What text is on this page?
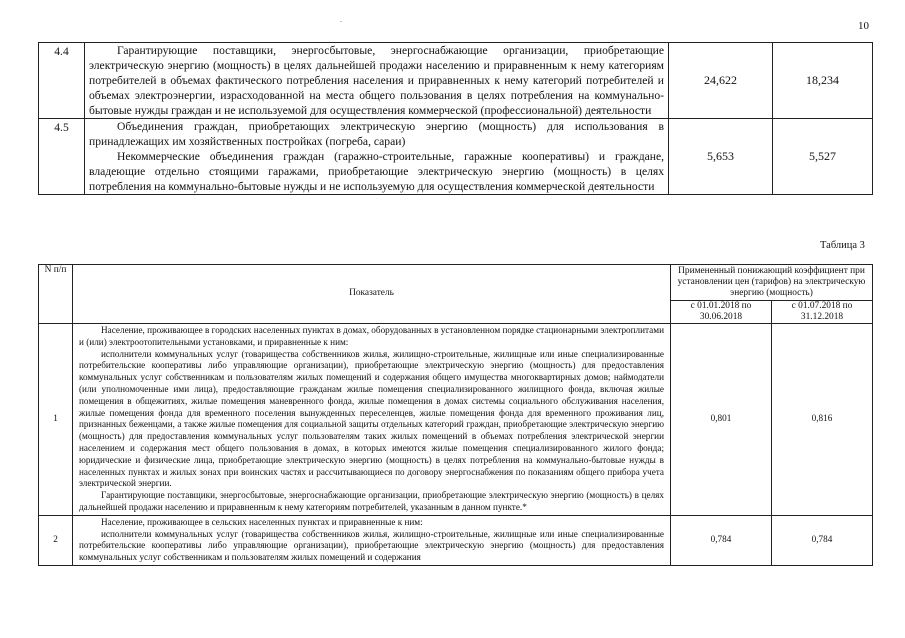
.
10
4.4	Гарантирующие поставщики, энергосбытовые, энергоснабжающие организации, приобретающие электрическую энергию (мощность) в целях дальнейшей продажи населению и приравненным к нему категориям потребителей в объемах фактического потребления населения и приравненных к нему категорий потребителей и объемах электроэнергии, израсходованной на места общего пользования в целях потребления на коммунально-бытовые нужды граждан и не используемой для осуществления коммерческой (профессиональной) деятельности	24,622	18,234
4.5	Объединения граждан, приобретающих электрическую энергию (мощность) для использования в принадлежащих им хозяйственных постройках (погреба, сараи)
Некоммерческие объединения граждан (гаражно-строительные, гаражные кооперативы) и граждане, владеющие отдельно стоящими гаражами, приобретающие электрическую энергию (мощность) в целях потребления на коммунально-бытовые нужды и не используемую для осуществления коммерческой деятельности	5,653	5,527
Таблица 3
N п/п	Показатель	Примененный понижающий коэффициент при установлении цен (тарифов) на электрическую энергию (мощность)	
		с 01.01.2018 по 30.06.2018	с 01.07.2018 по 31.12.2018
1	Население, проживающее в городских населенных пунктах в домах, оборудованных в установленном порядке стационарными электроплитами и (или) электроотопительными установками, и приравненные к ним:

исполнители коммунальных услуг (товарищества собственников жилья, жилищно-строительные, жилищные или иные специализированные потребительские кооперативы либо управляющие организации), приобретающие электрическую энергию (мощность) для предоставления коммунальных услуг собственникам и пользователям жилых помещений и содержания общего имущества многоквартирных домов; наймодатели (или уполномоченные ими лица), предоставляющие гражданам жилые помещения специализированного жилищного фонда, включая жилые помещения в общежитиях, жилые помещения маневренного фонда, жилые помещения в домах системы социального обслуживания населения, жилые помещения фонда для временного поселения вынужденных переселенцев, жилые помещения фонда для временного проживания лиц, признанных беженцами, а также жилые помещения для социальной защиты отдельных категорий граждан, приобретающие электрическую энергию (мощность) для предоставления коммунальных услуг пользователям таких жилых помещений в объемах потребления электрической энергии населением и содержания мест общего пользования в домах, в которых имеются жилые помещения специализированного жилого фонда; юридические и физические лица, приобретающие электрическую энергию (мощность) в целях потребления на коммунально-бытовые нужды в населенных пунктах и жилых зонах при воинских частях и рассчитывающиеся по договору энергоснабжения по показаниям общего прибора учета электрической энергии.

Гарантирующие поставщики, энергосбытовые, энергоснабжающие организации, приобретающие электрическую энергию (мощность) в целях дальнейшей продажи населению и приравненным к нему категориям потребителей, указанным в данном пункте.*	0,801	0,816
2	Население, проживающее в сельских населенных пунктах и приравненные к ним:

исполнители коммунальных услуг (товарищества собственников жилья, жилищно-строительные, жилищные или иные специализированные потребительские кооперативы либо управляющие организации), приобретающие электрическую энергию (мощность) для предоставления коммунальных услуг собственникам и пользователям жилых помещений и содержания	0,784	0,784
